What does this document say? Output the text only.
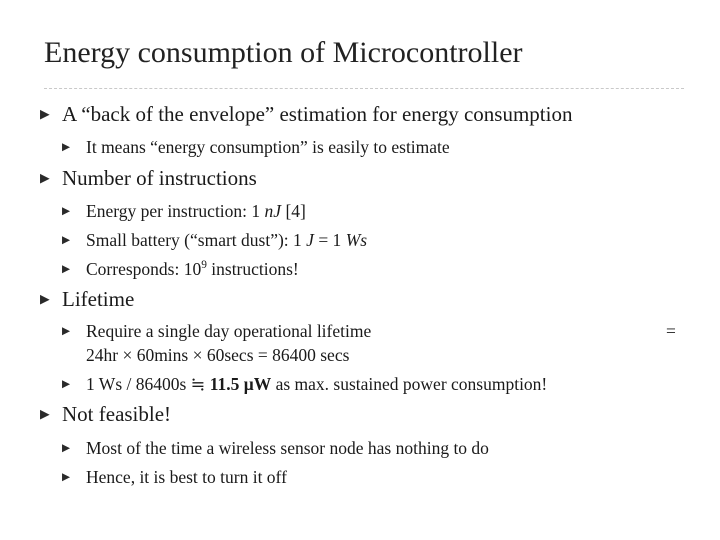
Energy consumption of Microcontroller
▶ A “back of the envelope” estimation for energy consumption
▶ It means “energy consumption” is easily to estimate
▶ Number of instructions
▶ Energy per instruction: 1 nJ [4]
▶ Small battery (“smart dust”): 1 J = 1 Ws
▶ Corresponds: $10^9$ instructions!
▶ Lifetime
▶ Require a single day operational lifetime	=
24hr × 60mins × 60secs = 86400 secs
▶ 1 Ws / 86400s ≒ 11.5 μW as max. sustained power consumption!
▶ Not feasible!
▶ Most of the time a wireless sensor node has nothing to do
▶ Hence, it is best to turn it off
